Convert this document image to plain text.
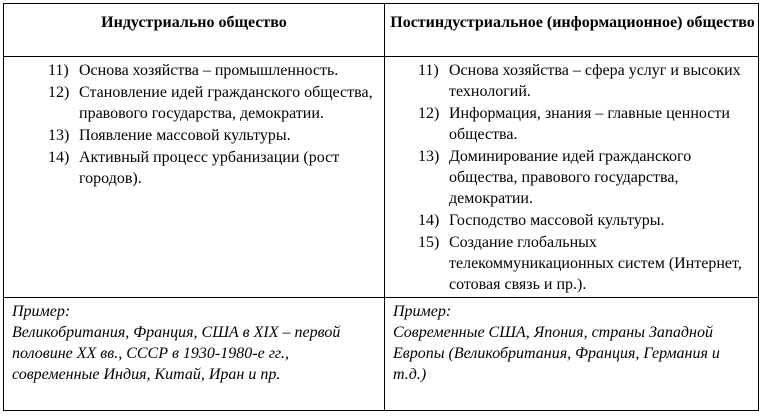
Индустриально общество	Постиндустриальное (информационное) общество
11) Основа хозяйства – промышленность.
12) Становление идей гражданского общества, правового государства, демократии.
13) Появление массовой культуры.
14) Активный процесс урбанизации (рост городов).
11) Основа хозяйства – сфера услуг и высоких технологий.
12) Информация, знания – главные ценности общества.
13) Доминирование идей гражданского общества, правового государства, демократии.
14) Господство массовой культуры.
15) Создание глобальных телекоммуникационных систем (Интернет, сотовая связь и пр.).
Пример:
Великобритания, Франция, США в XIX – первой половине XX вв., СССР в 1930-1980-е гг., современные Индия, Китай, Иран и пр.
Пример:
Современные США, Япония, страны Западной Европы (Великобритания, Франция, Германия и т.д.)
